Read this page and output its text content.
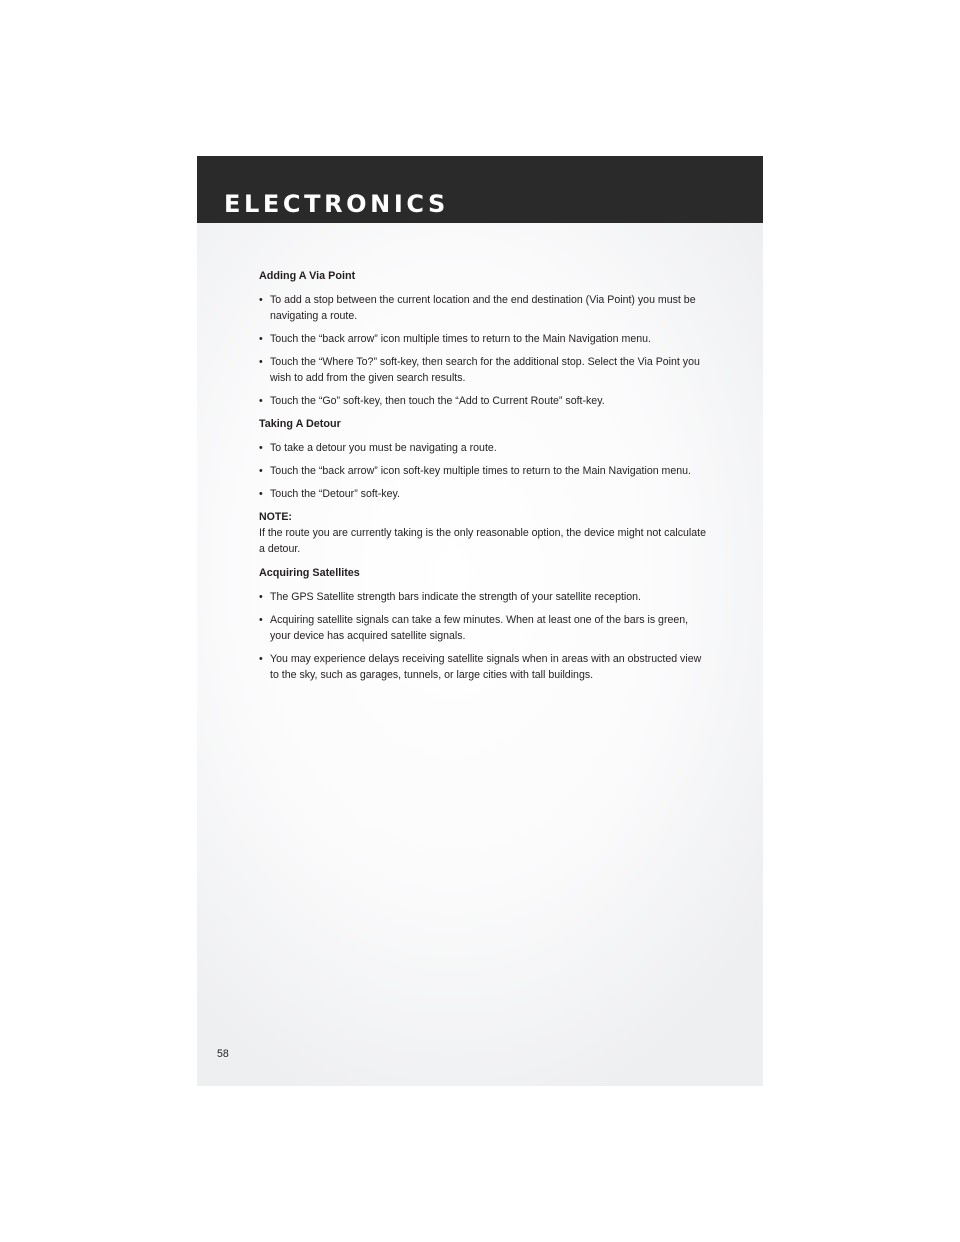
ELECTRONICS
Adding A Via Point
• To add a stop between the current location and the end destination (Via Point) you must be navigating a route.
• Touch the “back arrow” icon multiple times to return to the Main Navigation menu.
• Touch the “Where To?” soft-key, then search for the additional stop. Select the Via Point you wish to add from the given search results.
• Touch the “Go” soft-key, then touch the “Add to Current Route” soft-key.
Taking A Detour
• To take a detour you must be navigating a route.
• Touch the “back arrow” icon soft-key multiple times to return to the Main Navigation menu.
• Touch the “Detour” soft-key.
NOTE:
If the route you are currently taking is the only reasonable option, the device might not calculate a detour.
Acquiring Satellites
• The GPS Satellite strength bars indicate the strength of your satellite reception.
• Acquiring satellite signals can take a few minutes. When at least one of the bars is green, your device has acquired satellite signals.
• You may experience delays receiving satellite signals when in areas with an obstructed view to the sky, such as garages, tunnels, or large cities with tall buildings.
58
